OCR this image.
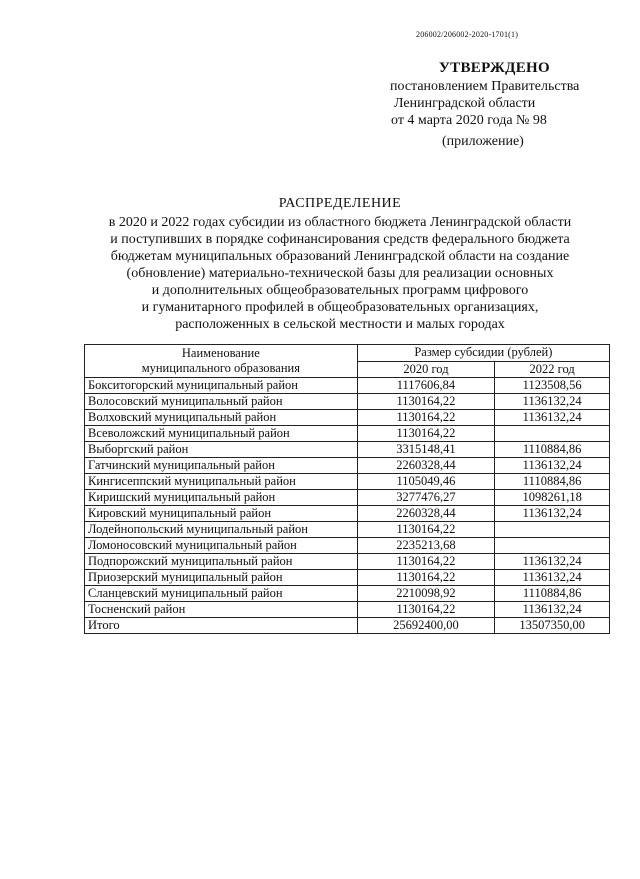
206002/206002-2020-1701(1)
УТВЕРЖДЕНО
постановлением Правительства
Ленинградской области
от 4 марта 2020 года № 98
(приложение)
РАСПРЕДЕЛЕНИЕ
в 2020 и 2022 годах субсидии из областного бюджета Ленинградской области
и поступивших в порядке софинансирования средств федерального бюджета
бюджетам муниципальных образований Ленинградской области на создание
(обновление) материально-технической базы для реализации основных
и дополнительных общеобразовательных программ цифрового
и гуманитарного профилей в общеобразовательных организациях,
расположенных в сельской местности и малых городах
Наименование
муниципального образования	Размер субсидии (рублей)	
	2020 год	2022 год
Бокситогорский муниципальный район	1117606,84	1123508,56
Волосовский муниципальный район	1130164,22	1136132,24
Волховский муниципальный район	1130164,22	1136132,24
Всеволожский муниципальный район	1130164,22	
Выборгский район	3315148,41	1110884,86
Гатчинский муниципальный район	2260328,44	1136132,24
Кингисеппский муниципальный район	1105049,46	1110884,86
Киришский муниципальный район	3277476,27	1098261,18
Кировский муниципальный район	2260328,44	1136132,24
Лодейнопольский муниципальный район	1130164,22	
Ломоносовский муниципальный район	2235213,68	
Подпорожский муниципальный район	1130164,22	1136132,24
Приозерский муниципальный район	1130164,22	1136132,24
Сланцевский муниципальный район	2210098,92	1110884,86
Тосненский район	1130164,22	1136132,24
Итого	25692400,00	13507350,00
